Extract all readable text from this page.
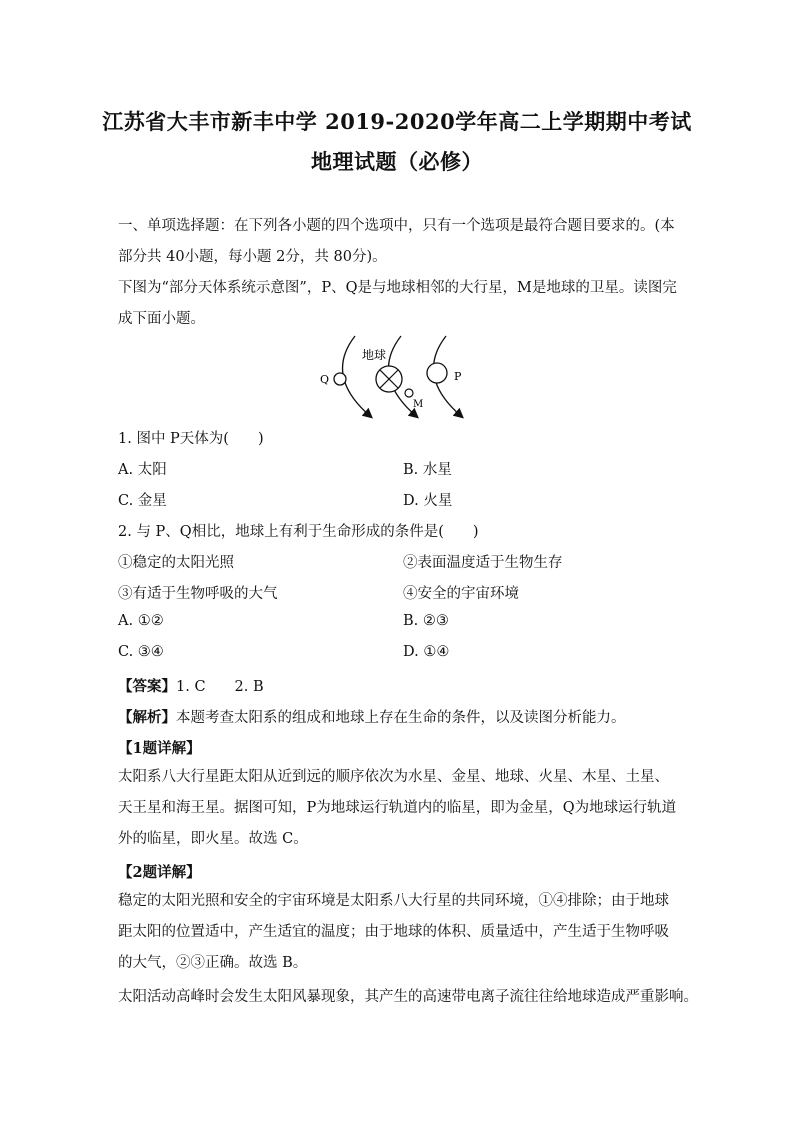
江苏省大丰市新丰中学 2019-2020学年高二上学期期中考试
地理试题（必修）
一、单项选择题：在下列各小题的四个选项中，只有一个选项是最符合题目要求的。(本部分共 40小题，每小题 2分，共 80分)。
下图为“部分天体系统示意图”，P、Q是与地球相邻的大行星，M是地球的卫星。读图完成下面小题。
地球
Q	P
M
1. 图中 P天体为(　　)
A. 太阳	B. 水星
C. 金星	D. 火星
2. 与 P、Q相比，地球上有利于生命形成的条件是(　　)
①稳定的太阳光照	②表面温度适于生物生存
③有适于生物呼吸的大气	④安全的宇宙环境
A. ①②	B. ②③
C. ③④	D. ①④
【答案】1. C　　2. B
【解析】本题考查太阳系的组成和地球上存在生命的条件，以及读图分析能力。
【1题详解】
太阳系八大行星距太阳从近到远的顺序依次为水星、金星、地球、火星、木星、土星、天王星和海王星。据图可知，P为地球运行轨道内的临星，即为金星，Q为地球运行轨道外的临星，即火星。故选 C。
【2题详解】
稳定的太阳光照和安全的宇宙环境是太阳系八大行星的共同环境，①④排除；由于地球距太阳的位置适中，产生适宜的温度；由于地球的体积、质量适中，产生适于生物呼吸的大气，②③正确。故选 B。
太阳活动高峰时会发生太阳风暴现象，其产生的高速带电离子流往往给地球造成严重影响。
